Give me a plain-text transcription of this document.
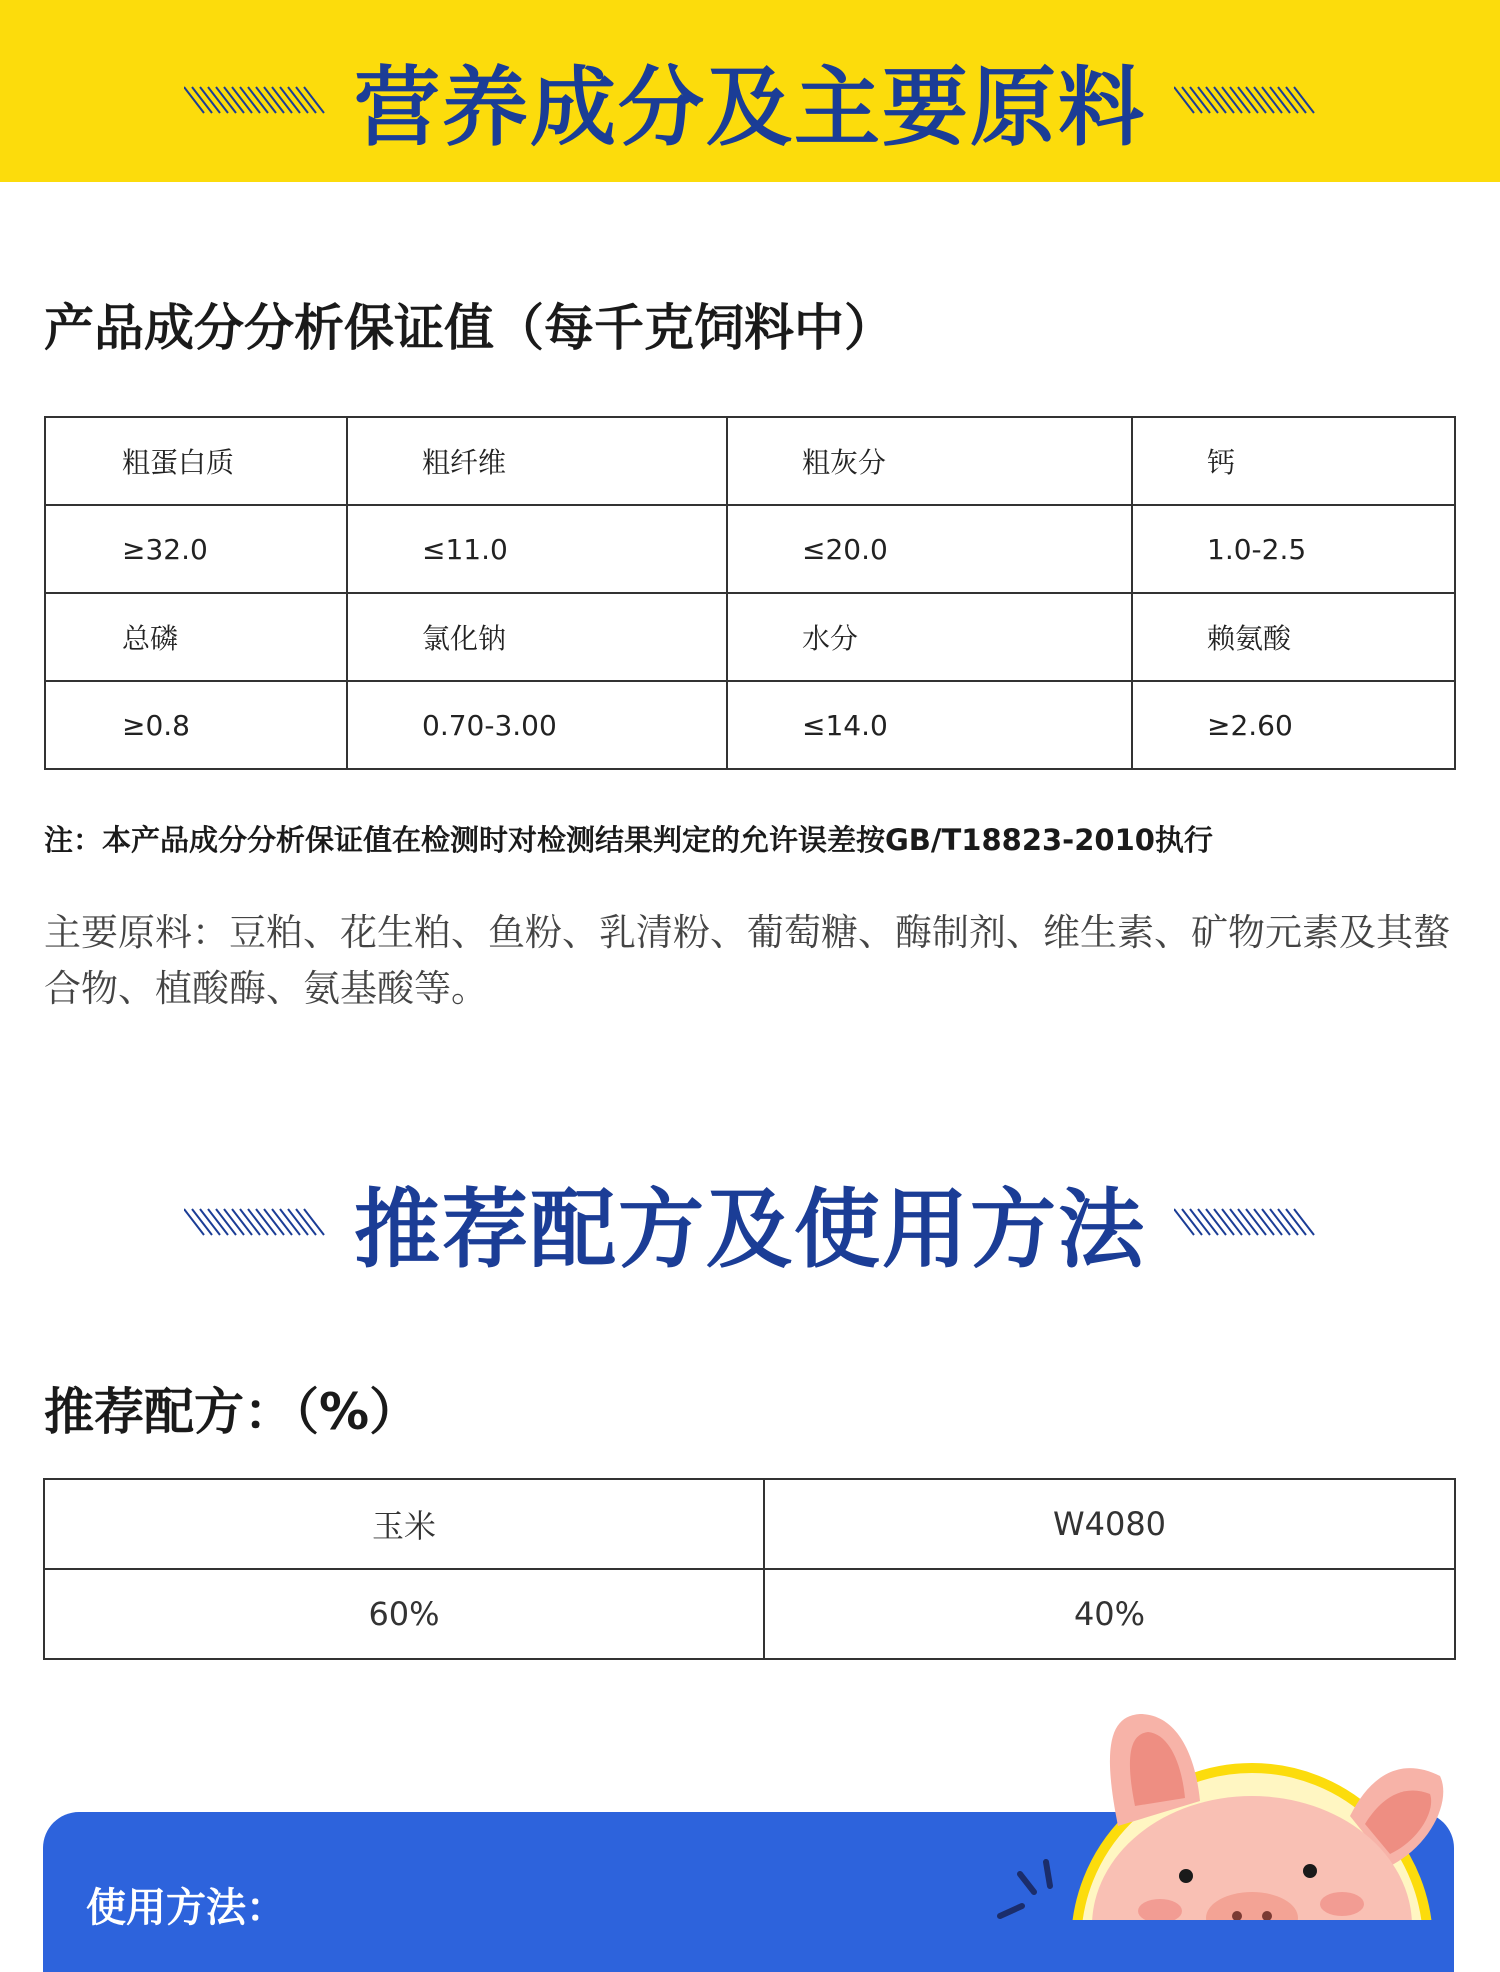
营养成分及主要原料
产品成分分析保证值（每千克饲料中）
粗蛋白质	粗纤维	粗灰分	钙
≥32.0	≤11.0	≤20.0	1.0-2.5
总磷	氯化钠	水分	赖氨酸
≥0.8	0.70-3.00	≤14.0	≥2.60
注：本产品成分分析保证值在检测时对检测结果判定的允许误差按GB/T18823-2010执行
主要原料：豆粕、花生粕、鱼粉、乳清粉、葡萄糖、酶制剂、维生素、矿物元素及其螯合物、植酸酶、氨基酸等。
推荐配方及使用方法
推荐配方：（%）
玉米	W4080
60%	40%
使用方法：
